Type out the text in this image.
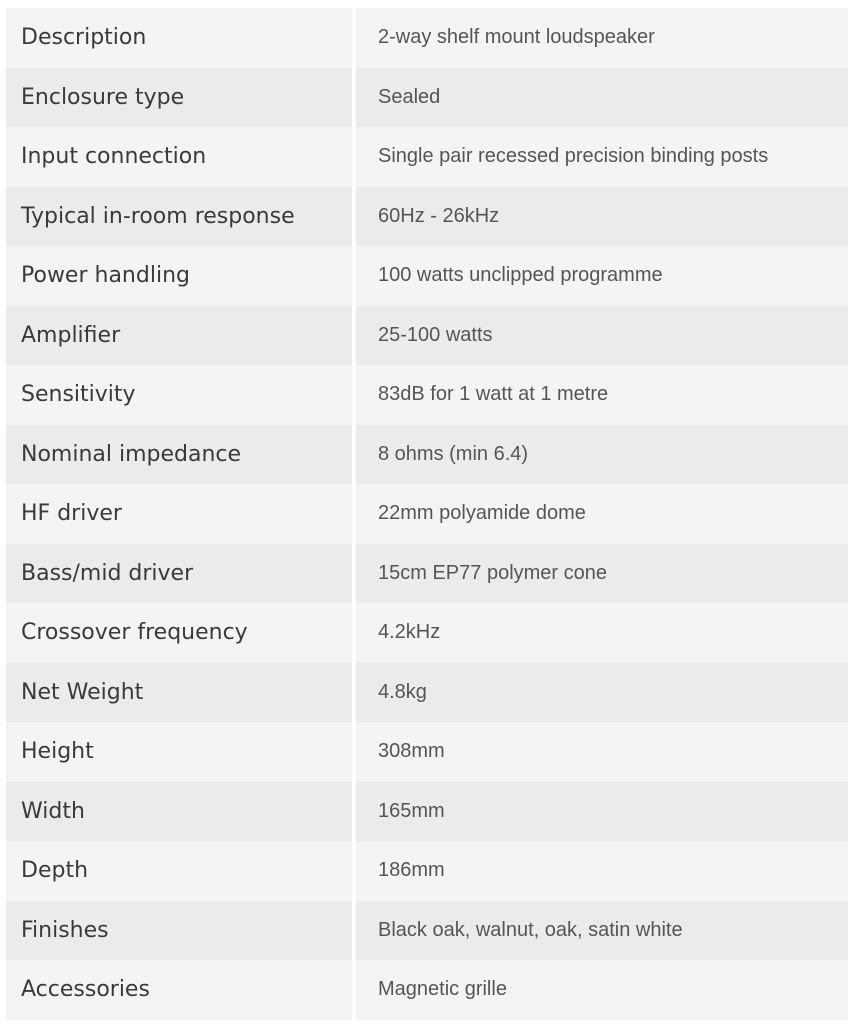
Description	2-way shelf mount loudspeaker
Enclosure type	Sealed
Input connection	Single pair recessed precision binding posts
Typical in-room response	60Hz - 26kHz
Power handling	100 watts unclipped programme
Amplifier	25-100 watts
Sensitivity	83dB for 1 watt at 1 metre
Nominal impedance	8 ohms (min 6.4)
HF driver	22mm polyamide dome
Bass/mid driver	15cm EP77 polymer cone
Crossover frequency	4.2kHz
Net Weight	4.8kg
Height	308mm
Width	165mm
Depth	186mm
Finishes	Black oak, walnut, oak, satin white
Accessories	Magnetic grille
